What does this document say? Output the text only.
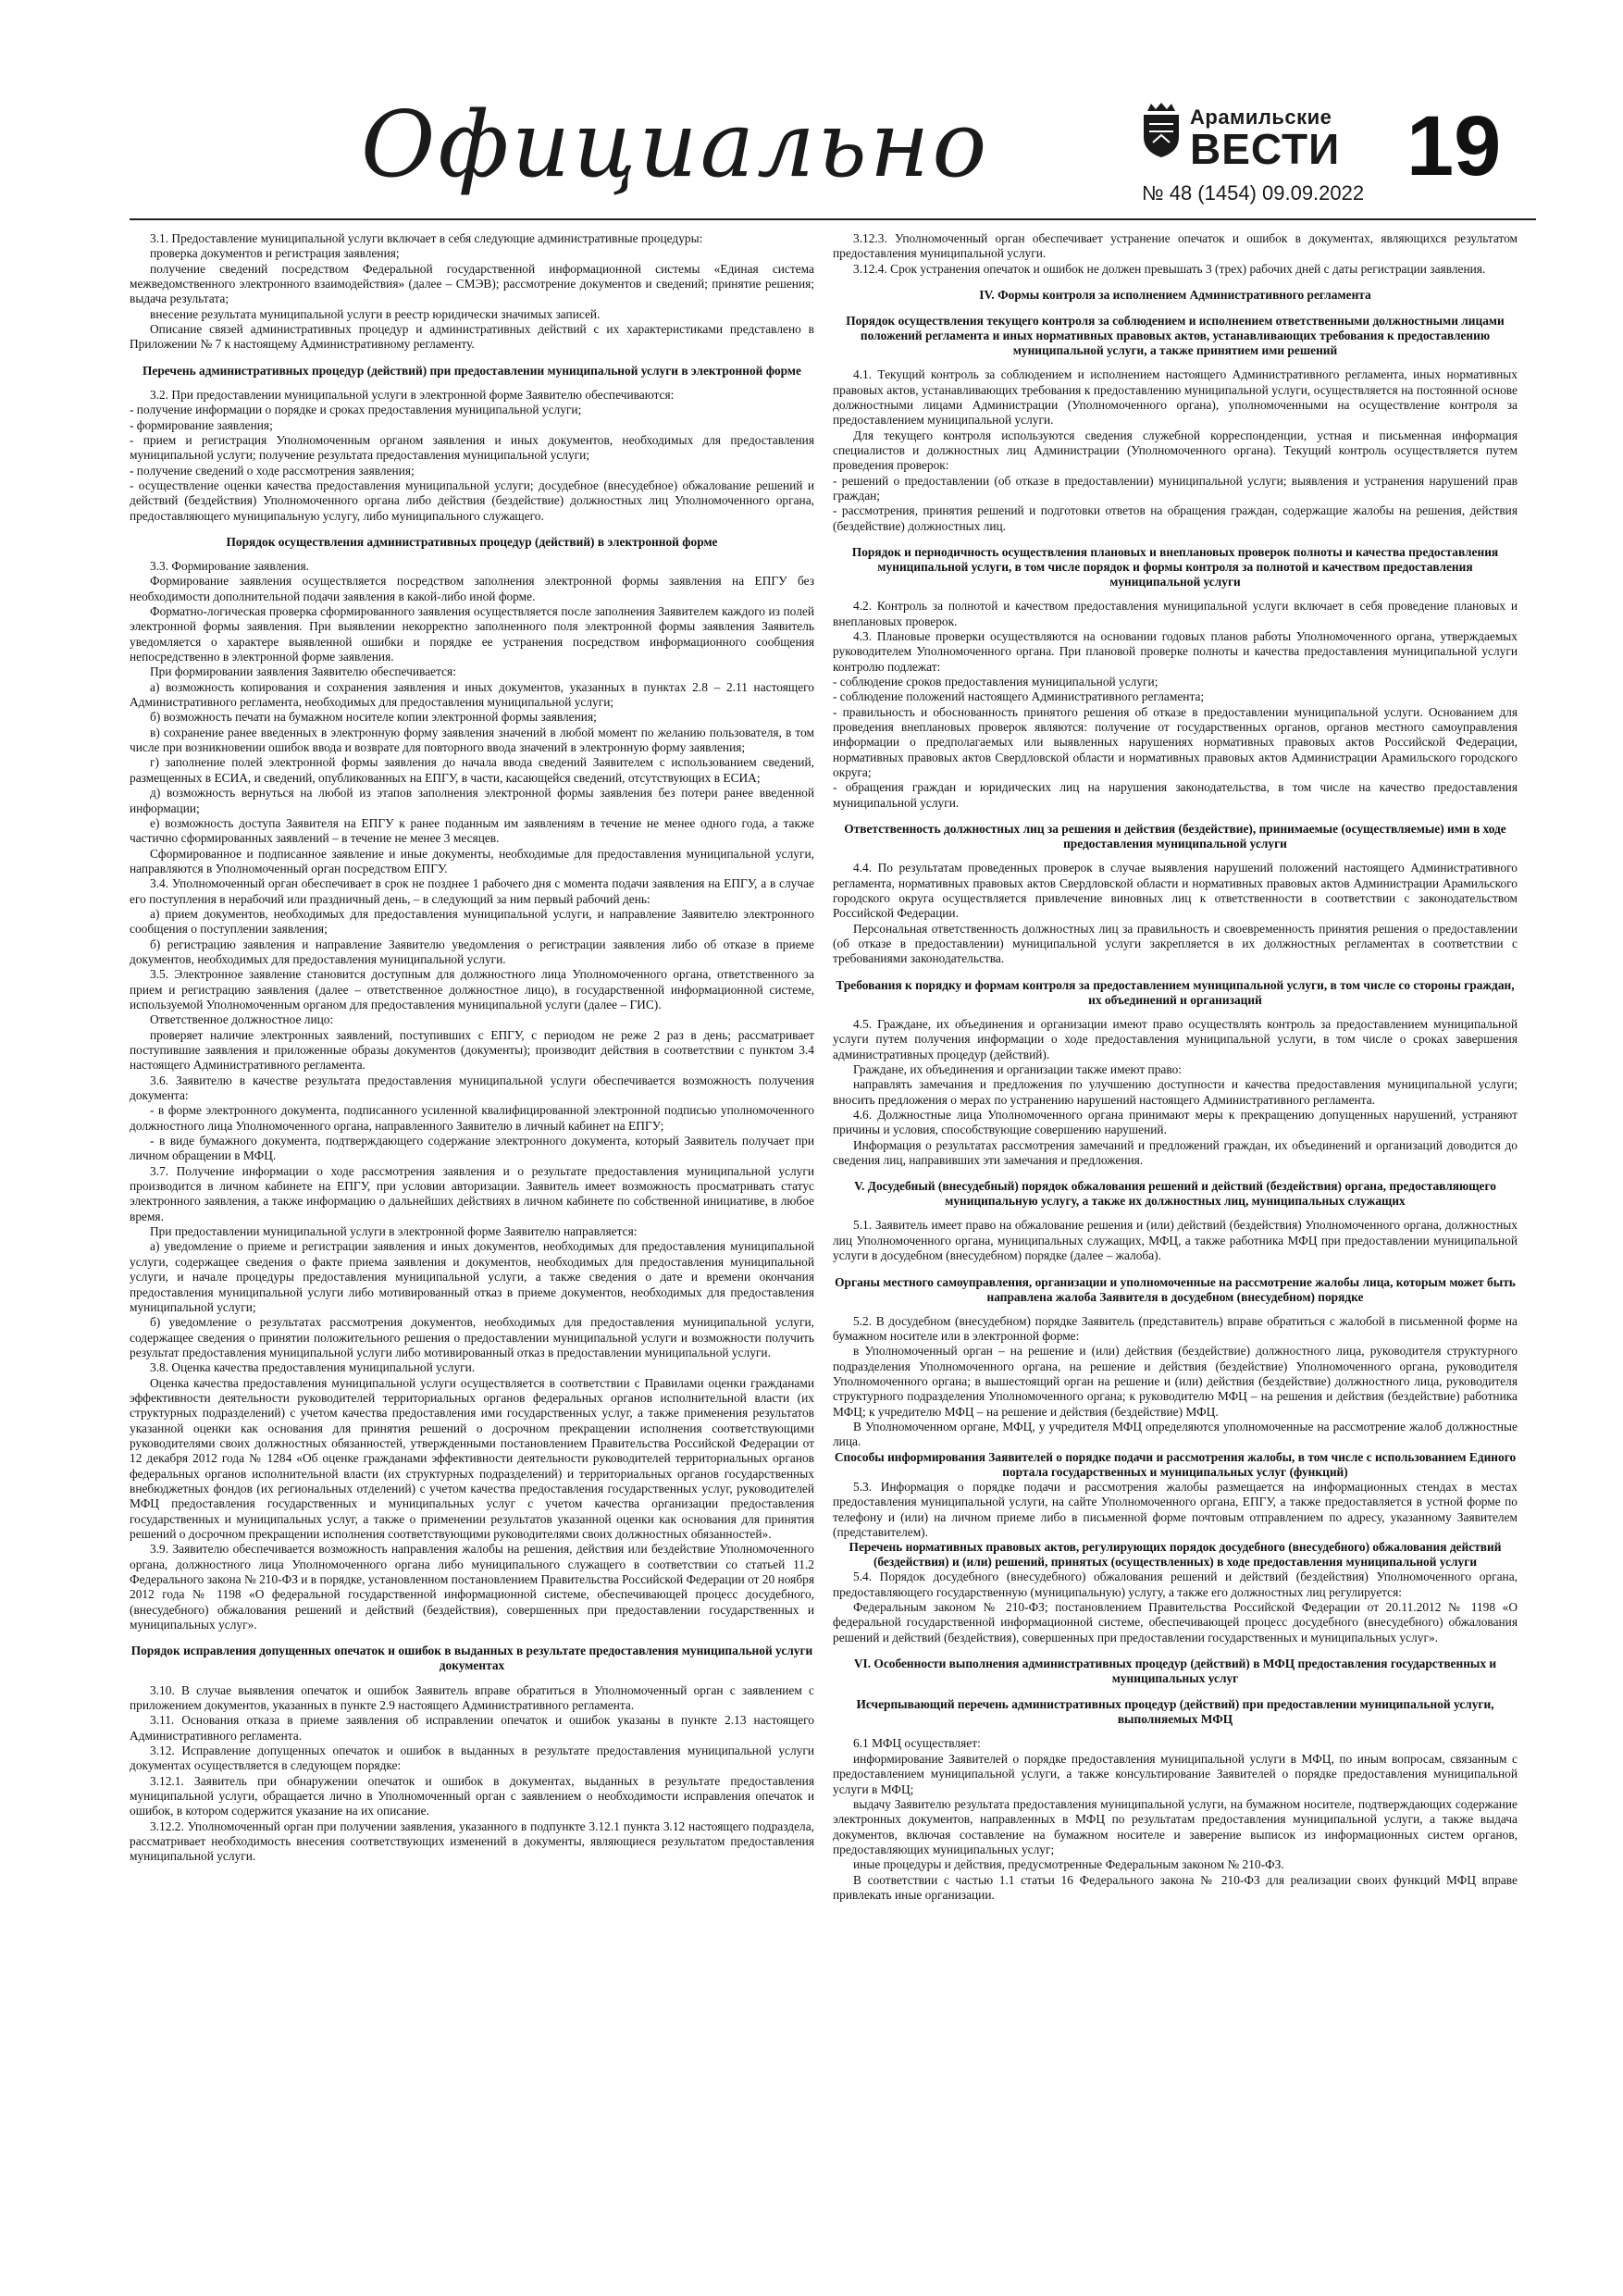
Официально	Арамильские
ВЕСТИ
№ 48 (1454) 09.09.2022 19

3.1. Предоставление муниципальной услуги включает в себя следующие административные процедуры:

проверка документов и регистрация заявления;

получение сведений посредством Федеральной государственной информационной системы «Единая система межведомственного электронного взаимодействия» (далее – СМЭВ); рассмотрение документов и сведений; принятие решения; выдача результата;

внесение результата муниципальной услуги в реестр юридически значимых записей.

Описание связей административных процедур и административных действий с их характеристиками представлено в Приложении № 7 к настоящему Административному регламенту.

Перечень административных процедур (действий) при предоставлении муниципальной услуги в электронной форме

3.2. При предоставлении муниципальной услуги в электронной форме Заявителю обеспечиваются:

- получение информации о порядке и сроках предоставления муниципальной услуги;

- формирование заявления;

- прием и регистрация Уполномоченным органом заявления и иных документов, необходимых для предоставления муниципальной услуги; получение результата предоставления муниципальной услуги;

- получение сведений о ходе рассмотрения заявления;

- осуществление оценки качества предоставления муниципальной услуги; досудебное (внесудебное) обжалование решений и действий (бездействия) Уполномоченного органа либо действия (бездействие) должностных лиц Уполномоченного органа, предоставляющего муниципальную услугу, либо муниципального служащего.

Порядок осуществления административных процедур (действий) в электронной форме

3.3. Формирование заявления.

Формирование заявления осуществляется посредством заполнения электронной формы заявления на ЕПГУ без необходимости дополнительной подачи заявления в какой-либо иной форме.

Форматно-логическая проверка сформированного заявления осуществляется после заполнения Заявителем каждого из полей электронной формы заявления. При выявлении некорректно заполненного поля электронной формы заявления Заявитель уведомляется о характере выявленной ошибки и порядке ее устранения посредством информационного сообщения непосредственно в электронной форме заявления.

При формировании заявления Заявителю обеспечивается:

а) возможность копирования и сохранения заявления и иных документов, указанных в пунктах 2.8 – 2.11 настоящего Административного регламента, необходимых для предоставления муниципальной услуги;

б) возможность печати на бумажном носителе копии электронной формы заявления;

в) сохранение ранее введенных в электронную форму заявления значений в любой момент по желанию пользователя, в том числе при возникновении ошибок ввода и возврате для повторного ввода значений в электронную форму заявления;

г) заполнение полей электронной формы заявления до начала ввода сведений Заявителем с использованием сведений, размещенных в ЕСИА, и сведений, опубликованных на ЕПГУ, в части, касающейся сведений, отсутствующих в ЕСИА;

д) возможность вернуться на любой из этапов заполнения электронной формы заявления без потери ранее введенной информации;

е) возможность доступа Заявителя на ЕПГУ к ранее поданным им заявлениям в течение не менее одного года, а также частично сформированных заявлений – в течение не менее 3 месяцев.

Сформированное и подписанное заявление и иные документы, необходимые для предоставления муниципальной услуги, направляются в Уполномоченный орган посредством ЕПГУ.

3.4. Уполномоченный орган обеспечивает в срок не позднее 1 рабочего дня с момента подачи заявления на ЕПГУ, а в случае его поступления в нерабочий или праздничный день, – в следующий за ним первый рабочий день:

а) прием документов, необходимых для предоставления муниципальной услуги, и направление Заявителю электронного сообщения о поступлении заявления;

б) регистрацию заявления и направление Заявителю уведомления о регистрации заявления либо об отказе в приеме документов, необходимых для предоставления муниципальной услуги.

3.5. Электронное заявление становится доступным для должностного лица Уполномоченного органа, ответственного за прием и регистрацию заявления (далее – ответственное должностное лицо), в государственной информационной системе, используемой Уполномоченным органом для предоставления муниципальной услуги (далее – ГИС).

Ответственное должностное лицо:

проверяет наличие электронных заявлений, поступивших с ЕПГУ, с периодом не реже 2 раз в день; рассматривает поступившие заявления и приложенные образы документов (документы); производит действия в соответствии с пунктом 3.4 настоящего Административного регламента.

3.6. Заявителю в качестве результата предоставления муниципальной услуги обеспечивается возможность получения документа:

- в форме электронного документа, подписанного усиленной квалифицированной электронной подписью уполномоченного должностного лица Уполномоченного органа, направленного Заявителю в личный кабинет на ЕПГУ;

- в виде бумажного документа, подтверждающего содержание электронного документа, который Заявитель получает при личном обращении в МФЦ.

3.7. Получение информации о ходе рассмотрения заявления и о результате предоставления муниципальной услуги производится в личном кабинете на ЕПГУ, при условии авторизации. Заявитель имеет возможность просматривать статус электронного заявления, а также информацию о дальнейших действиях в личном кабинете по собственной инициативе, в любое время.

При предоставлении муниципальной услуги в электронной форме Заявителю направляется:

а) уведомление о приеме и регистрации заявления и иных документов, необходимых для предоставления муниципальной услуги, содержащее сведения о факте приема заявления и документов, необходимых для предоставления муниципальной услуги, и начале процедуры предоставления муниципальной услуги, а также сведения о дате и времени окончания предоставления муниципальной услуги либо мотивированный отказ в приеме документов, необходимых для предоставления муниципальной услуги;

б) уведомление о результатах рассмотрения документов, необходимых для предоставления муниципальной услуги, содержащее сведения о принятии положительного решения о предоставлении муниципальной услуги и возможности получить результат предоставления муниципальной услуги либо мотивированный отказ в предоставлении муниципальной услуги.

3.8. Оценка качества предоставления муниципальной услуги.

Оценка качества предоставления муниципальной услуги осуществляется в соответствии с Правилами оценки гражданами эффективности деятельности руководителей территориальных органов федеральных органов исполнительной власти (их структурных подразделений) с учетом качества предоставления ими государственных услуг, а также применения результатов указанной оценки как основания для принятия решений о досрочном прекращении исполнения соответствующими руководителями своих должностных обязанностей, утвержденными постановлением Правительства Российской Федерации от 12 декабря 2012 года № 1284 «Об оценке гражданами эффективности деятельности руководителей территориальных органов федеральных органов исполнительной власти (их структурных подразделений) и территориальных органов государственных внебюджетных фондов (их региональных отделений) с учетом качества предоставления государственных услуг, руководителей МФЦ предоставления государственных и муниципальных услуг с учетом качества организации предоставления государственных и муниципальных услуг, а также о применении результатов указанной оценки как основания для принятия решений о досрочном прекращении исполнения соответствующими руководителями своих должностных обязанностей».

3.9. Заявителю обеспечивается возможность направления жалобы на решения, действия или бездействие Уполномоченного органа, должностного лица Уполномоченного органа либо муниципального служащего в соответствии со статьей 11.2 Федерального закона № 210-ФЗ и в порядке, установленном постановлением Правительства Российской Федерации от 20 ноября 2012 года № 1198 «О федеральной государственной информационной системе, обеспечивающей процесс досудебного, (внесудебного) обжалования решений и действий (бездействия), совершенных при предоставлении государственных и муниципальных услуг».

Порядок исправления допущенных опечаток и ошибок в выданных в результате предоставления муниципальной услуги документах

3.10. В случае выявления опечаток и ошибок Заявитель вправе обратиться в Уполномоченный орган с заявлением с приложением документов, указанных в пункте 2.9 настоящего Административного регламента.

3.11. Основания отказа в приеме заявления об исправлении опечаток и ошибок указаны в пункте 2.13 настоящего Административного регламента.

3.12. Исправление допущенных опечаток и ошибок в выданных в результате предоставления муниципальной услуги документах осуществляется в следующем порядке:

3.12.1. Заявитель при обнаружении опечаток и ошибок в документах, выданных в результате предоставления муниципальной услуги, обращается лично в Уполномоченный орган с заявлением о необходимости исправления опечаток и ошибок, в котором содержится указание на их описание.

3.12.2. Уполномоченный орган при получении заявления, указанного в подпункте 3.12.1 пункта 3.12 настоящего подраздела, рассматривает необходимость внесения соответствующих изменений в документы, являющиеся результатом предоставления муниципальной услуги.

3.12.3. Уполномоченный орган обеспечивает устранение опечаток и ошибок в документах, являющихся результатом предоставления муниципальной услуги.

3.12.4. Срок устранения опечаток и ошибок не должен превышать 3 (трех) рабочих дней с даты регистрации заявления.

IV. Формы контроля за исполнением Административного регламента
Порядок осуществления текущего контроля за соблюдением и исполнением ответственными должностными лицами положений регламента и иных нормативных правовых актов, устанавливающих требования к предоставлению муниципальной услуги, а также принятием ими решений

4.1. Текущий контроль за соблюдением и исполнением настоящего Административного регламента, иных нормативных правовых актов, устанавливающих требования к предоставлению муниципальной услуги, осуществляется на постоянной основе должностными лицами Администрации (Уполномоченного органа), уполномоченными на осуществление контроля за предоставлением муниципальной услуги.

Для текущего контроля используются сведения служебной корреспонденции, устная и письменная информация специалистов и должностных лиц Администрации (Уполномоченного органа). Текущий контроль осуществляется путем проведения проверок:

- решений о предоставлении (об отказе в предоставлении) муниципальной услуги; выявления и устранения нарушений прав граждан;

- рассмотрения, принятия решений и подготовки ответов на обращения граждан, содержащие жалобы на решения, действия (бездействие) должностных лиц.

Порядок и периодичность осуществления плановых и внеплановых проверок полноты и качества предоставления муниципальной услуги, в том числе порядок и формы контроля за полнотой и качеством предоставления муниципальной услуги

4.2. Контроль за полнотой и качеством предоставления муниципальной услуги включает в себя проведение плановых и внеплановых проверок.

4.3. Плановые проверки осуществляются на основании годовых планов работы Уполномоченного органа, утверждаемых руководителем Уполномоченного органа. При плановой проверке полноты и качества предоставления муниципальной услуги контролю подлежат:

- соблюдение сроков предоставления муниципальной услуги;

- соблюдение положений настоящего Административного регламента;

- правильность и обоснованность принятого решения об отказе в предоставлении муниципальной услуги. Основанием для проведения внеплановых проверок являются: получение от государственных органов, органов местного самоуправления информации о предполагаемых или выявленных нарушениях нормативных правовых актов Российской Федерации, нормативных правовых актов Свердловской области и нормативных правовых актов Администрации Арамильского городского округа;

- обращения граждан и юридических лиц на нарушения законодательства, в том числе на качество предоставления муниципальной услуги.

Ответственность должностных лиц за решения и действия (бездействие), принимаемые (осуществляемые) ими в ходе предоставления муниципальной услуги

4.4. По результатам проведенных проверок в случае выявления нарушений положений настоящего Административного регламента, нормативных правовых актов Свердловской области и нормативных правовых актов Администрации Арамильского городского округа осуществляется привлечение виновных лиц к ответственности в соответствии с законодательством Российской Федерации.

Персональная ответственность должностных лиц за правильность и своевременность принятия решения о предоставлении (об отказе в предоставлении) муниципальной услуги закрепляется в их должностных регламентах в соответствии с требованиями законодательства.

Требования к порядку и формам контроля за предоставлением муниципальной услуги, в том числе со стороны граждан, их объединений и организаций

4.5. Граждане, их объединения и организации имеют право осуществлять контроль за предоставлением муниципальной услуги путем получения информации о ходе предоставления муниципальной услуги, в том числе о сроках завершения административных процедур (действий).

Граждане, их объединения и организации также имеют право:

направлять замечания и предложения по улучшению доступности и качества предоставления муниципальной услуги; вносить предложения о мерах по устранению нарушений настоящего Административного регламента.

4.6. Должностные лица Уполномоченного органа принимают меры к прекращению допущенных нарушений, устраняют причины и условия, способствующие совершению нарушений.

Информация о результатах рассмотрения замечаний и предложений граждан, их объединений и организаций доводится до сведения лиц, направивших эти замечания и предложения.

V. Досудебный (внесудебный) порядок обжалования решений и действий (бездействия) органа, предоставляющего муниципальную услугу, а также их должностных лиц, муниципальных служащих

5.1. Заявитель имеет право на обжалование решения и (или) действий (бездействия) Уполномоченного органа, должностных лиц Уполномоченного органа, муниципальных служащих, МФЦ, а также работника МФЦ при предоставлении муниципальной услуги в досудебном (внесудебном) порядке (далее – жалоба).

Органы местного самоуправления, организации и уполномоченные на рассмотрение жалобы лица, которым может быть направлена жалоба Заявителя в досудебном (внесудебном) порядке

5.2. В досудебном (внесудебном) порядке Заявитель (представитель) вправе обратиться с жалобой в письменной форме на бумажном носителе или в электронной форме:

в Уполномоченный орган – на решение и (или) действия (бездействие) должностного лица, руководителя структурного подразделения Уполномоченного органа, на решение и действия (бездействие) Уполномоченного органа, руководителя Уполномоченного органа; в вышестоящий орган на решение и (или) действия (бездействие) должностного лица, руководителя структурного подразделения Уполномоченного органа; к руководителю МФЦ – на решения и действия (бездействие) работника МФЦ; к учредителю МФЦ – на решение и действия (бездействие) МФЦ.

В Уполномоченном органе, МФЦ, у учредителя МФЦ определяются уполномоченные на рассмотрение жалоб должностные лица.

Способы информирования Заявителей о порядке подачи и рассмотрения жалобы, в том числе с использованием Единого портала государственных и муниципальных услуг (функций)

5.3. Информация о порядке подачи и рассмотрения жалобы размещается на информационных стендах в местах предоставления муниципальной услуги, на сайте Уполномоченного органа, ЕПГУ, а также предоставляется в устной форме по телефону и (или) на личном приеме либо в письменной форме почтовым отправлением по адресу, указанному Заявителем (представителем).

Перечень нормативных правовых актов, регулирующих порядок досудебного (внесудебного) обжалования действий (бездействия) и (или) решений, принятых (осуществленных) в ходе предоставления муниципальной услуги

5.4. Порядок досудебного (внесудебного) обжалования решений и действий (бездействия) Уполномоченного органа, предоставляющего государственную (муниципальную) услугу, а также его должностных лиц регулируется:

Федеральным законом № 210-ФЗ; постановлением Правительства Российской Федерации от 20.11.2012 № 1198 «О федеральной государственной информационной системе, обеспечивающей процесс досудебного (внесудебного) обжалования решений и действий (бездействия), совершенных при предоставлении государственных и муниципальных услуг».

VI. Особенности выполнения административных процедур (действий) в МФЦ предоставления государственных и муниципальных услуг
Исчерпывающий перечень административных процедур (действий) при предоставлении муниципальной услуги, выполняемых МФЦ

6.1 МФЦ осуществляет:

информирование Заявителей о порядке предоставления муниципальной услуги в МФЦ, по иным вопросам, связанным с предоставлением муниципальной услуги, а также консультирование Заявителей о порядке предоставления муниципальной услуги в МФЦ;

выдачу Заявителю результата предоставления муниципальной услуги, на бумажном носителе, подтверждающих содержание электронных документов, направленных в МФЦ по результатам предоставления муниципальной услуги, а также выдача документов, включая составление на бумажном носителе и заверение выписок из информационных систем органов, предоставляющих муниципальных услуг;

иные процедуры и действия, предусмотренные Федеральным законом № 210-ФЗ.

В соответствии с частью 1.1 статьи 16 Федерального закона № 210-ФЗ для реализации своих функций МФЦ вправе привлекать иные организации.
